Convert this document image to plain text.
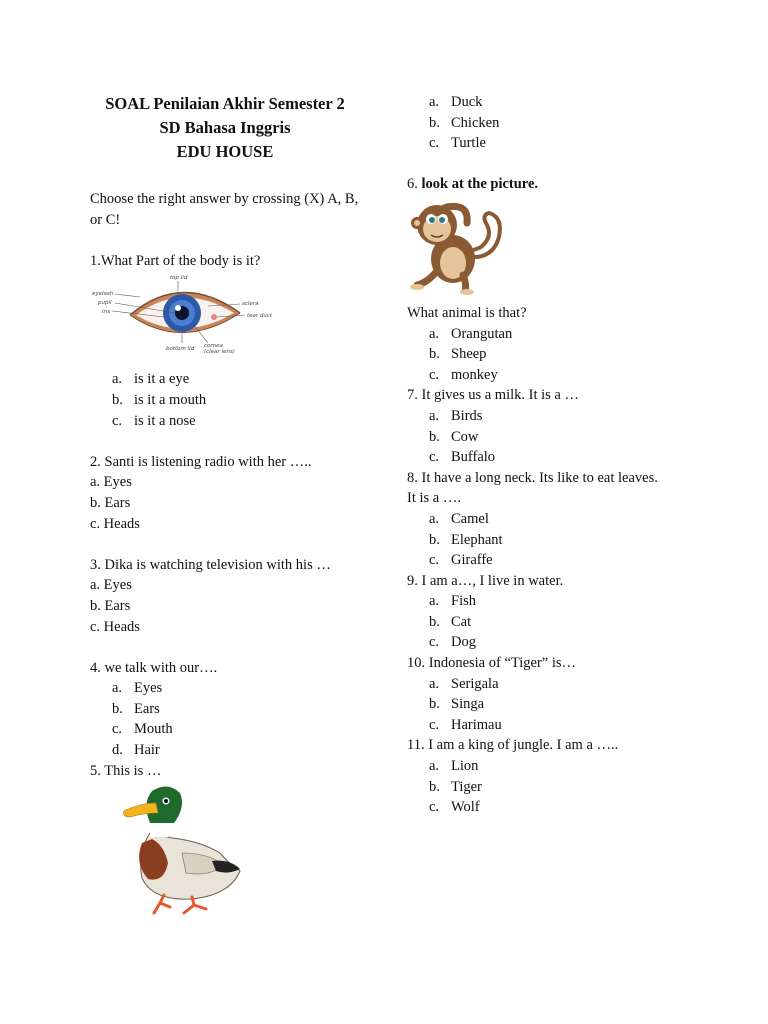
SOAL Penilaian Akhir Semester 2
SD Bahasa Inggris
EDU HOUSE
Choose the right answer by crossing (X) A, B, or C!
1.What Part of the body is it?
top lid
eyelash
pupil
iris
sclera
tear duct
bottom lid cornea
(clear lens)
a. is it a eye
b. is it a mouth
c. is it a nose
2. Santi is listening radio with her …..
a. Eyes
b. Ears
c. Heads
3. Dika is watching television with his …
a. Eyes
b. Ears
c. Heads
4. we talk with our….
a. Eyes
b. Ears
c. Mouth
d. Hair
5. This is …
a. Duck
b. Chicken
c. Turtle
6. look at the picture.
What animal is that?
a. Orangutan
b. Sheep
c. monkey
7. It gives us a milk. It is a …
a. Birds
b. Cow
c. Buffalo
8. It have a long neck. Its like to eat leaves.
It is a ….
a. Camel
b. Elephant
c. Giraffe
9. I am a…, I live in water.
a. Fish
b. Cat
c. Dog
10. Indonesia of “Tiger” is…
a. Serigala
b. Singa
c. Harimau
11. I am a king of jungle. I am a …..
a. Lion
b. Tiger
c. Wolf
